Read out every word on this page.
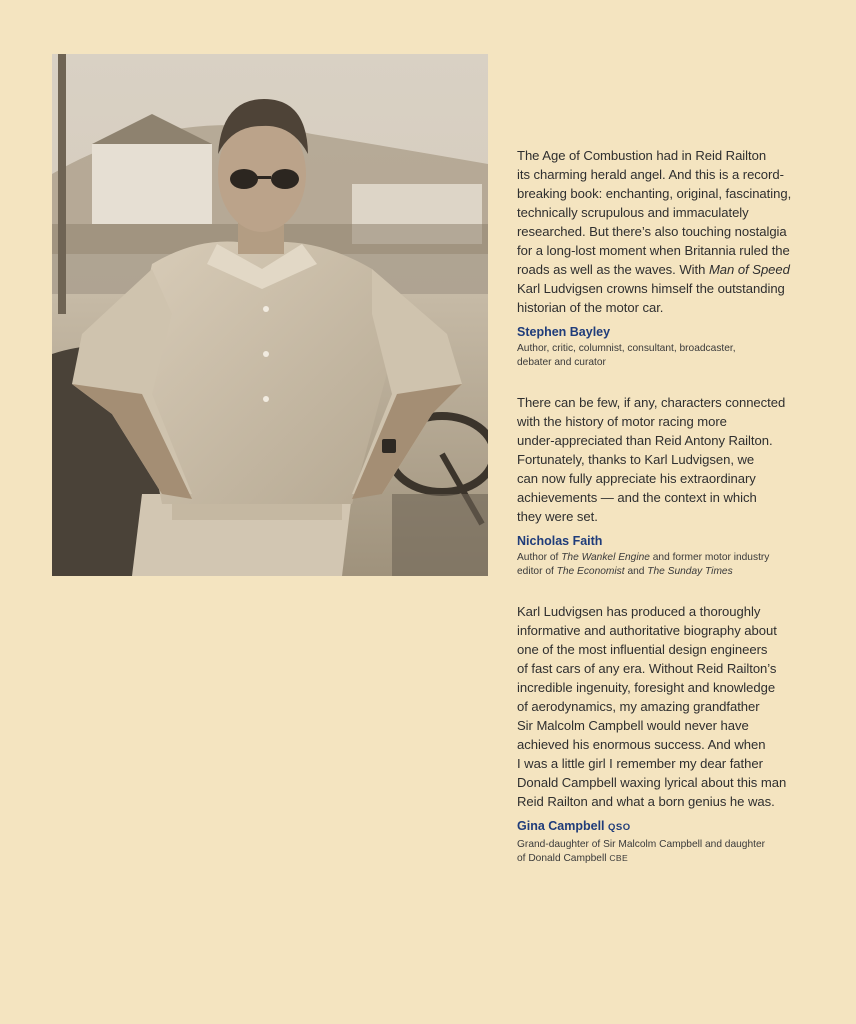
The Age of Combustion had in Reid Railton
its charming herald angel. And this is a record-
breaking book: enchanting, original, fascinating,
technically scrupulous and immaculately
researched. But there’s also touching nostalgia
for a long-lost moment when Britannia ruled the
roads as well as the waves. With Man of Speed
Karl Ludvigsen crowns himself the outstanding
historian of the motor car.

Stephen Bayley
Author, critic, columnist, consultant, broadcaster,
debater and curator

There can be few, if any, characters connected
with the history of motor racing more
under-appreciated than Reid Antony Railton.
Fortunately, thanks to Karl Ludvigsen, we
can now fully appreciate his extraordinary
achievements — and the context in which
they were set.

Nicholas Faith
Author of The Wankel Engine and former motor industry
editor of The Economist and The Sunday Times

Karl Ludvigsen has produced a thoroughly
informative and authoritative biography about
one of the most influential design engineers
of fast cars of any era. Without Reid Railton’s
incredible ingenuity, foresight and knowledge
of aerodynamics, my amazing grandfather
Sir Malcolm Campbell would never have
achieved his enormous success. And when
I was a little girl I remember my dear father
Donald Campbell waxing lyrical about this man
Reid Railton and what a born genius he was.

Gina Campbell QSO
Grand-daughter of Sir Malcolm Campbell and daughter
of Donald Campbell CBE
